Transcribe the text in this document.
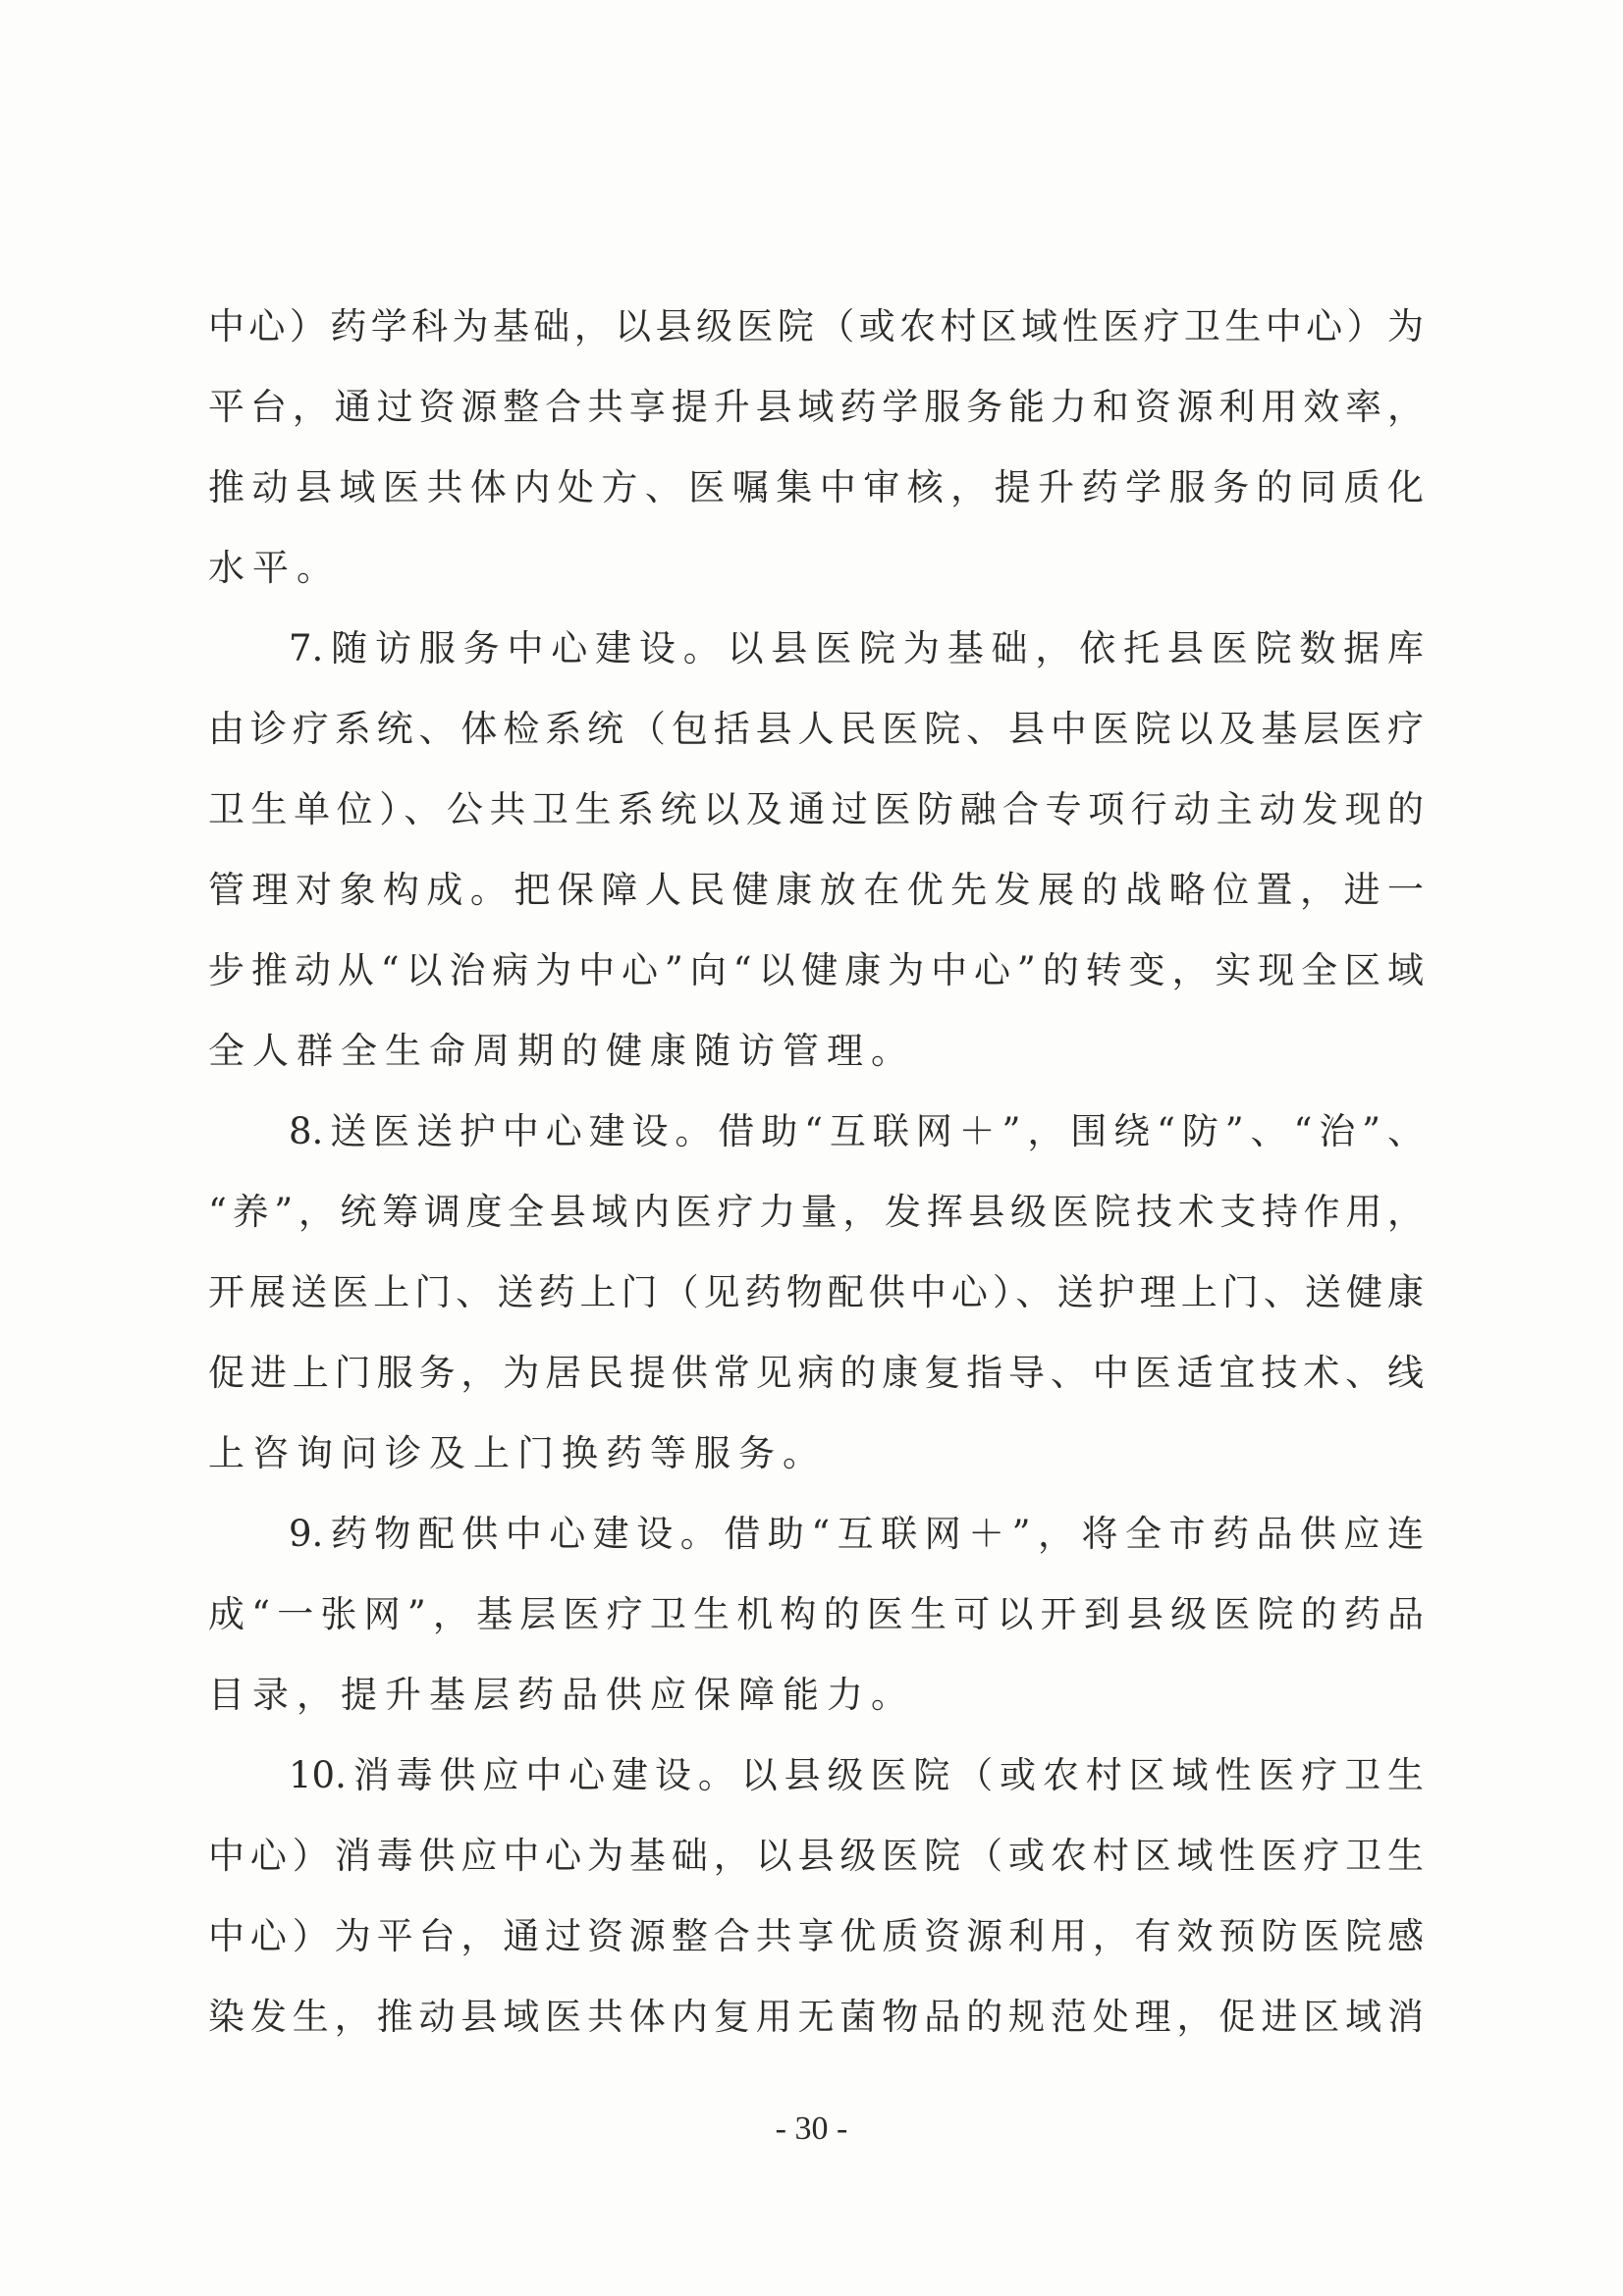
中心）药学科为基础，以县级医院（或农村区域性医疗卫生中心）为
平台，通过资源整合共享提升县域药学服务能力和资源利用效率，
推动县域医共体内处方、医嘱集中审核，提升药学服务的同质化
水平。
7.随访服务中心建设。以县医院为基础，依托县医院数据库
由诊疗系统、体检系统（包括县人民医院、县中医院以及基层医疗
卫生单位）、公共卫生系统以及通过医防融合专项行动主动发现的
管理对象构成。把保障人民健康放在优先发展的战略位置，进一
步推动从“以治病为中心”向“以健康为中心”的转变，实现全区域
全人群全生命周期的健康随访管理。
8.送医送护中心建设。借助“互联网＋”，围绕“防”、“治”、
“养”，统筹调度全县域内医疗力量，发挥县级医院技术支持作用，
开展送医上门、送药上门（见药物配供中心）、送护理上门、送健康
促进上门服务，为居民提供常见病的康复指导、中医适宜技术、线
上咨询问诊及上门换药等服务。
9.药物配供中心建设。借助“互联网＋”，将全市药品供应连
成“一张网”，基层医疗卫生机构的医生可以开到县级医院的药品
目录，提升基层药品供应保障能力。
10.消毒供应中心建设。以县级医院（或农村区域性医疗卫生
中心）消毒供应中心为基础，以县级医院（或农村区域性医疗卫生
中心）为平台，通过资源整合共享优质资源利用，有效预防医院感
染发生，推动县域医共体内复用无菌物品的规范处理，促进区域消
- 30 -
